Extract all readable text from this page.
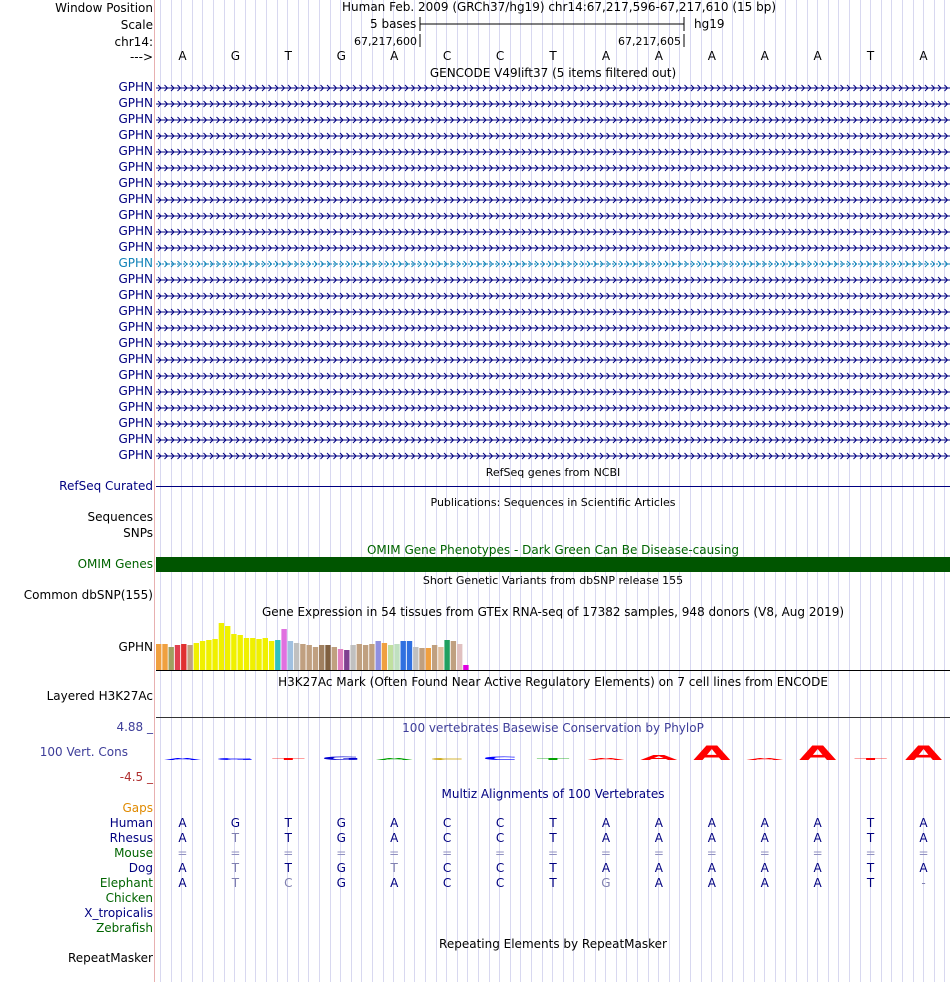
Window Position
Scale
chr14:
--->
Human Feb. 2009 (GRCh37/hg19) chr14:67,217,596-67,217,610 (15 bp)
5 bases	hg19
67,217,600	67,217,605
A	G	T	G	A	C	C	T	A	A	A	A	A	T	A
GENCODE V49lift37 (5 items filtered out)
GPHN
GPHN
GPHN
GPHN
GPHN
GPHN
GPHN
GPHN
GPHN
GPHN
GPHN
GPHN
GPHN
GPHN
GPHN
GPHN
GPHN
GPHN
GPHN
GPHN
GPHN
GPHN
GPHN
GPHN
RefSeq genes from NCBI
RefSeq Curated
Publications: Sequences in Scientific Articles
Sequences
SNPs
OMIM Gene Phenotypes - Dark Green Can Be Disease-causing
OMIM Genes
Short Genetic Variants from dbSNP release 155
Common dbSNP(155)
Gene Expression in 54 tissues from GTEx RNA-seq of 17382 samples, 948 donors (V8, Aug 2019)
GPHN
H3K27Ac Mark (Often Found Near Active Regulatory Elements) on 7 cell lines from ENCODE
Layered H3K27Ac
100 vertebrates Basewise Conservation by PhyloP
4.88 _
100 Vert. Cons
-4.5 _
A G T G A C C T A A A A A T A
Multiz Alignments of 100 Vertebrates
Gaps
Human	A	G	T	G	A	C	C	T	A	A	A	A	A	T	A
Rhesus	A	T	T	G	A	C	C	T	A	A	A	A	A	T	A
Mouse	=	=	=	=	=	=	=	=	=	=	=	=	=	=	=
Dog	A	T	T	G	T	C	C	T	A	A	A	A	A	T	A
Elephant	A	T	C	G	A	C	C	T	G	A	A	A	A	T	-
Chicken
X_tropicalis
Zebrafish
Repeating Elements by RepeatMasker
RepeatMasker
